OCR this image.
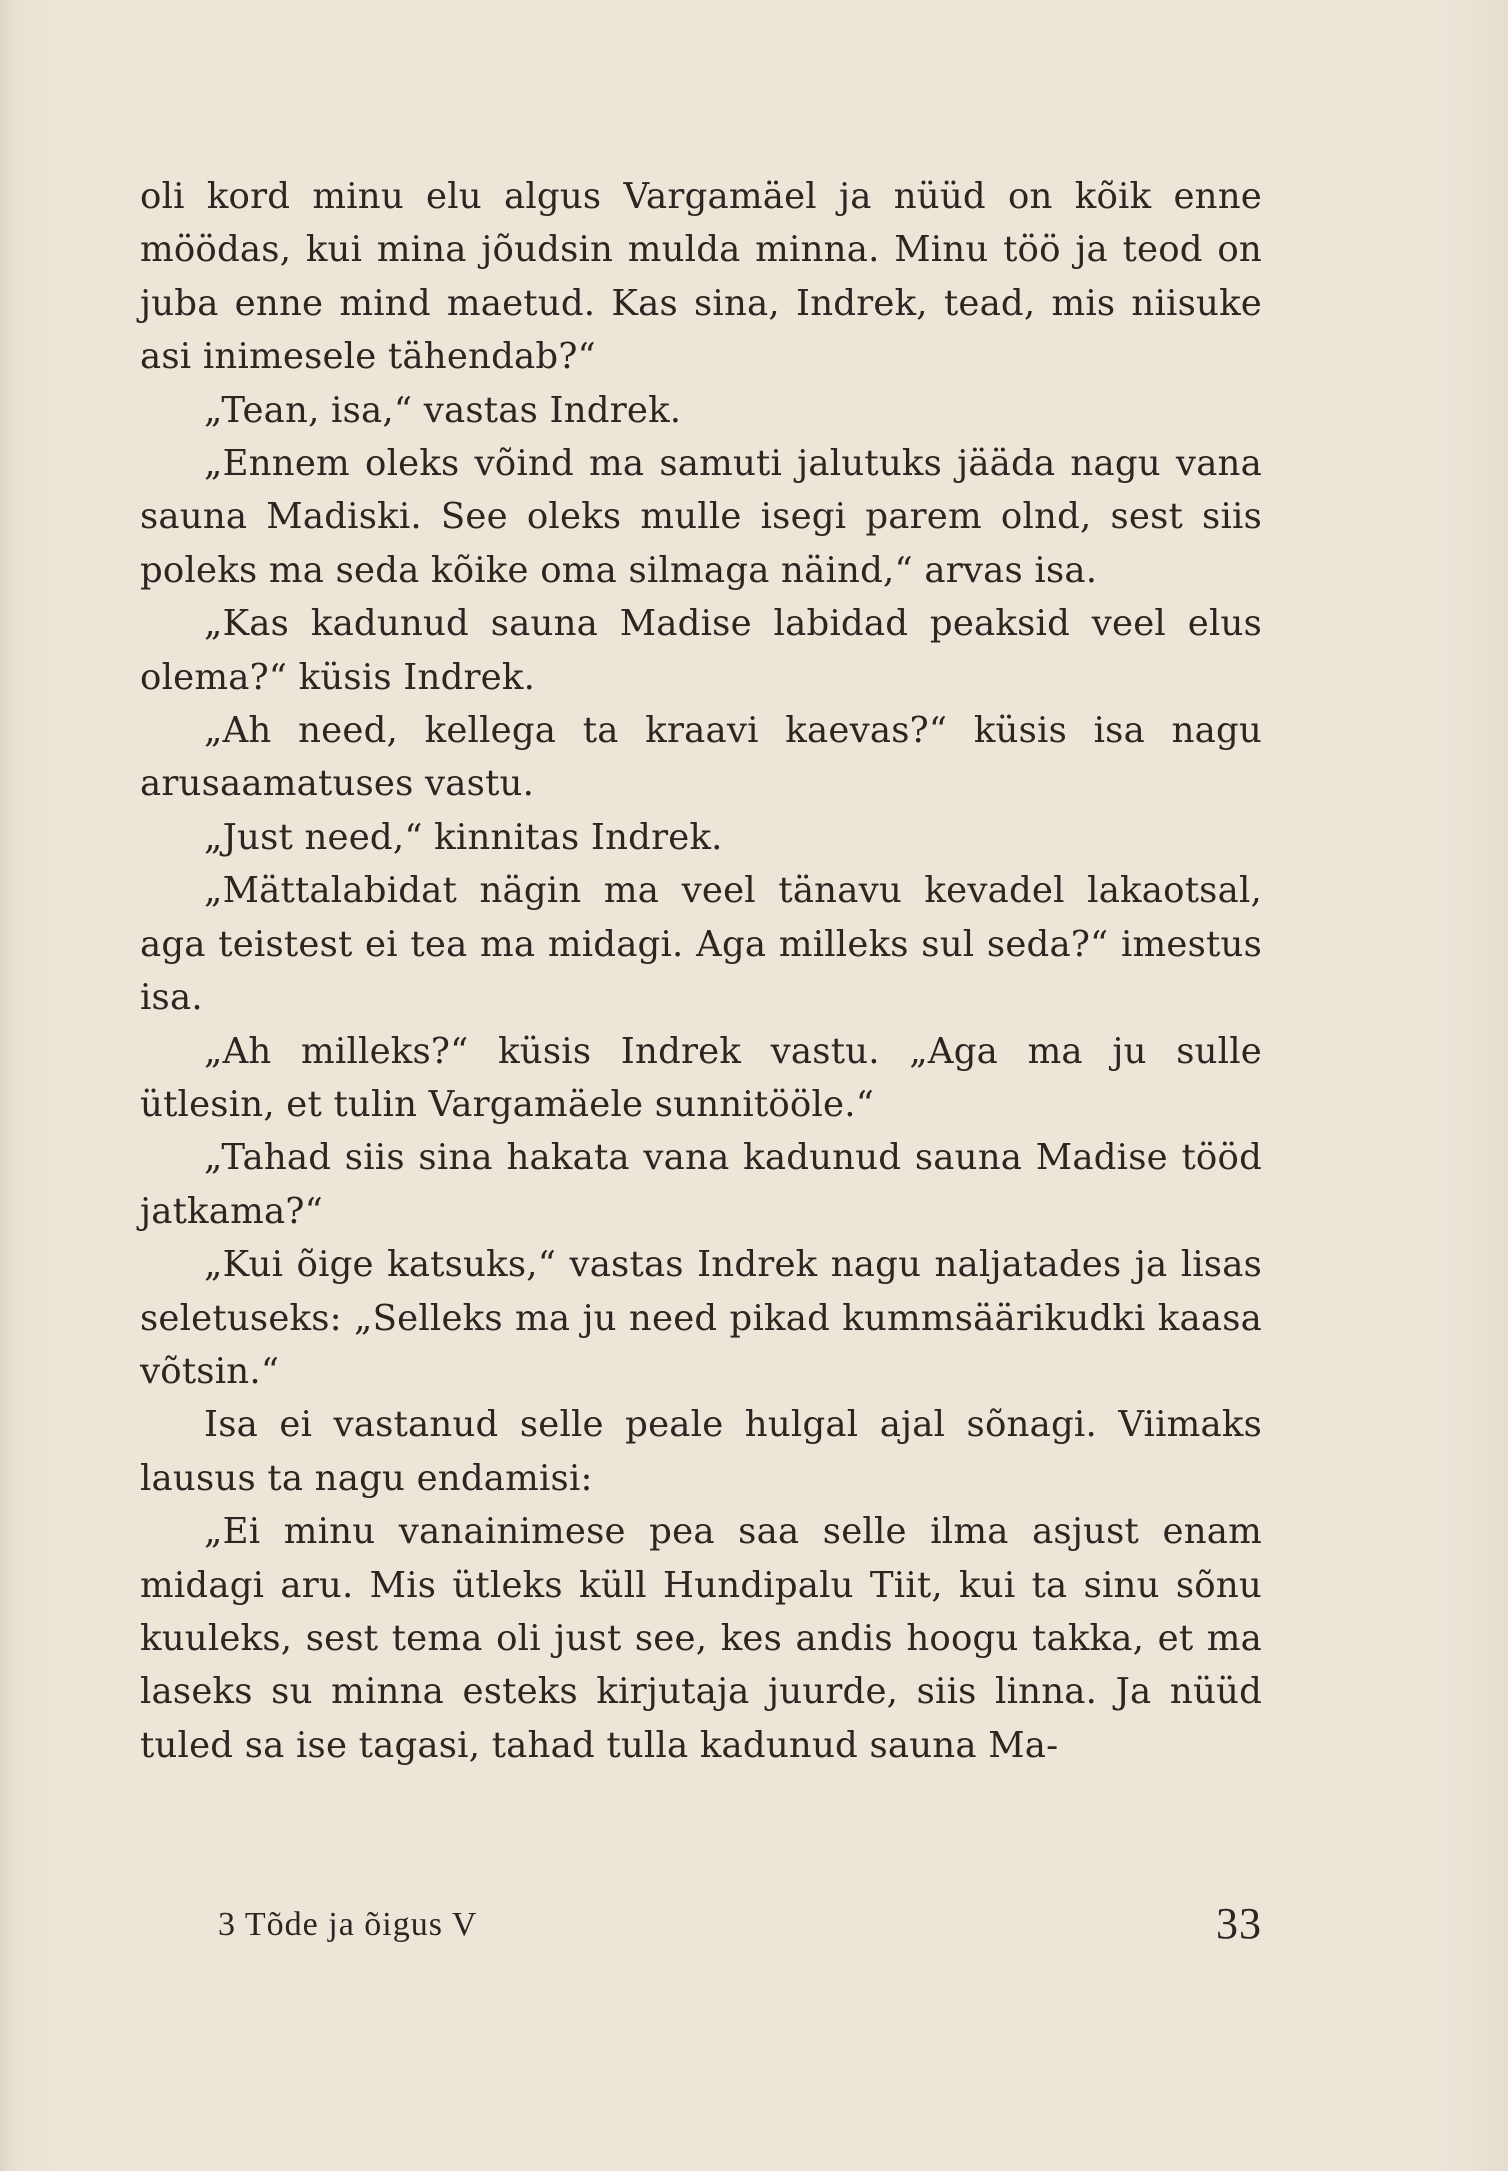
oli kord minu elu algus Vargamäel ja nüüd on kõik enne möödas, kui mina jõudsin mulda minna. Minu töö ja teod on juba enne mind maetud. Kas sina, Indrek, tead, mis niisuke asi inimesele tähendab?“

„Tean, isa,“ vastas Indrek.

„Ennem oleks võind ma samuti jalutuks jääda nagu vana sauna Madiski. See oleks mulle isegi parem olnd, sest siis poleks ma seda kõike oma silmaga näind,“ arvas isa.

„Kas kadunud sauna Madise labidad peaksid veel elus olema?“ küsis Indrek.

„Ah need, kellega ta kraavi kaevas?“ küsis isa nagu arusaamatuses vastu.

„Just need,“ kinnitas Indrek.

„Mättalabidat nägin ma veel tänavu kevadel lakaotsal, aga teistest ei tea ma midagi. Aga milleks sul seda?“ imestus isa.

„Ah milleks?“ küsis Indrek vastu. „Aga ma ju sulle ütlesin, et tulin Vargamäele sunnitööle.“

„Tahad siis sina hakata vana kadunud sauna Madise tööd jatkama?“

„Kui õige katsuks,“ vastas Indrek nagu naljatades ja lisas seletuseks: „Selleks ma ju need pikad kummsäärikudki kaasa võtsin.“

Isa ei vastanud selle peale hulgal ajal sõnagi. Viimaks lausus ta nagu endamisi:

„Ei minu vanainimese pea saa selle ilma asjust enam midagi aru. Mis ütleks küll Hundipalu Tiit, kui ta sinu sõnu kuuleks, sest tema oli just see, kes andis hoogu takka, et ma laseks su minna esteks kirjutaja juurde, siis linna. Ja nüüd tuled sa ise tagasi, tahad tulla kadunud sauna Ma-

3 Tõde ja õigus V	33
